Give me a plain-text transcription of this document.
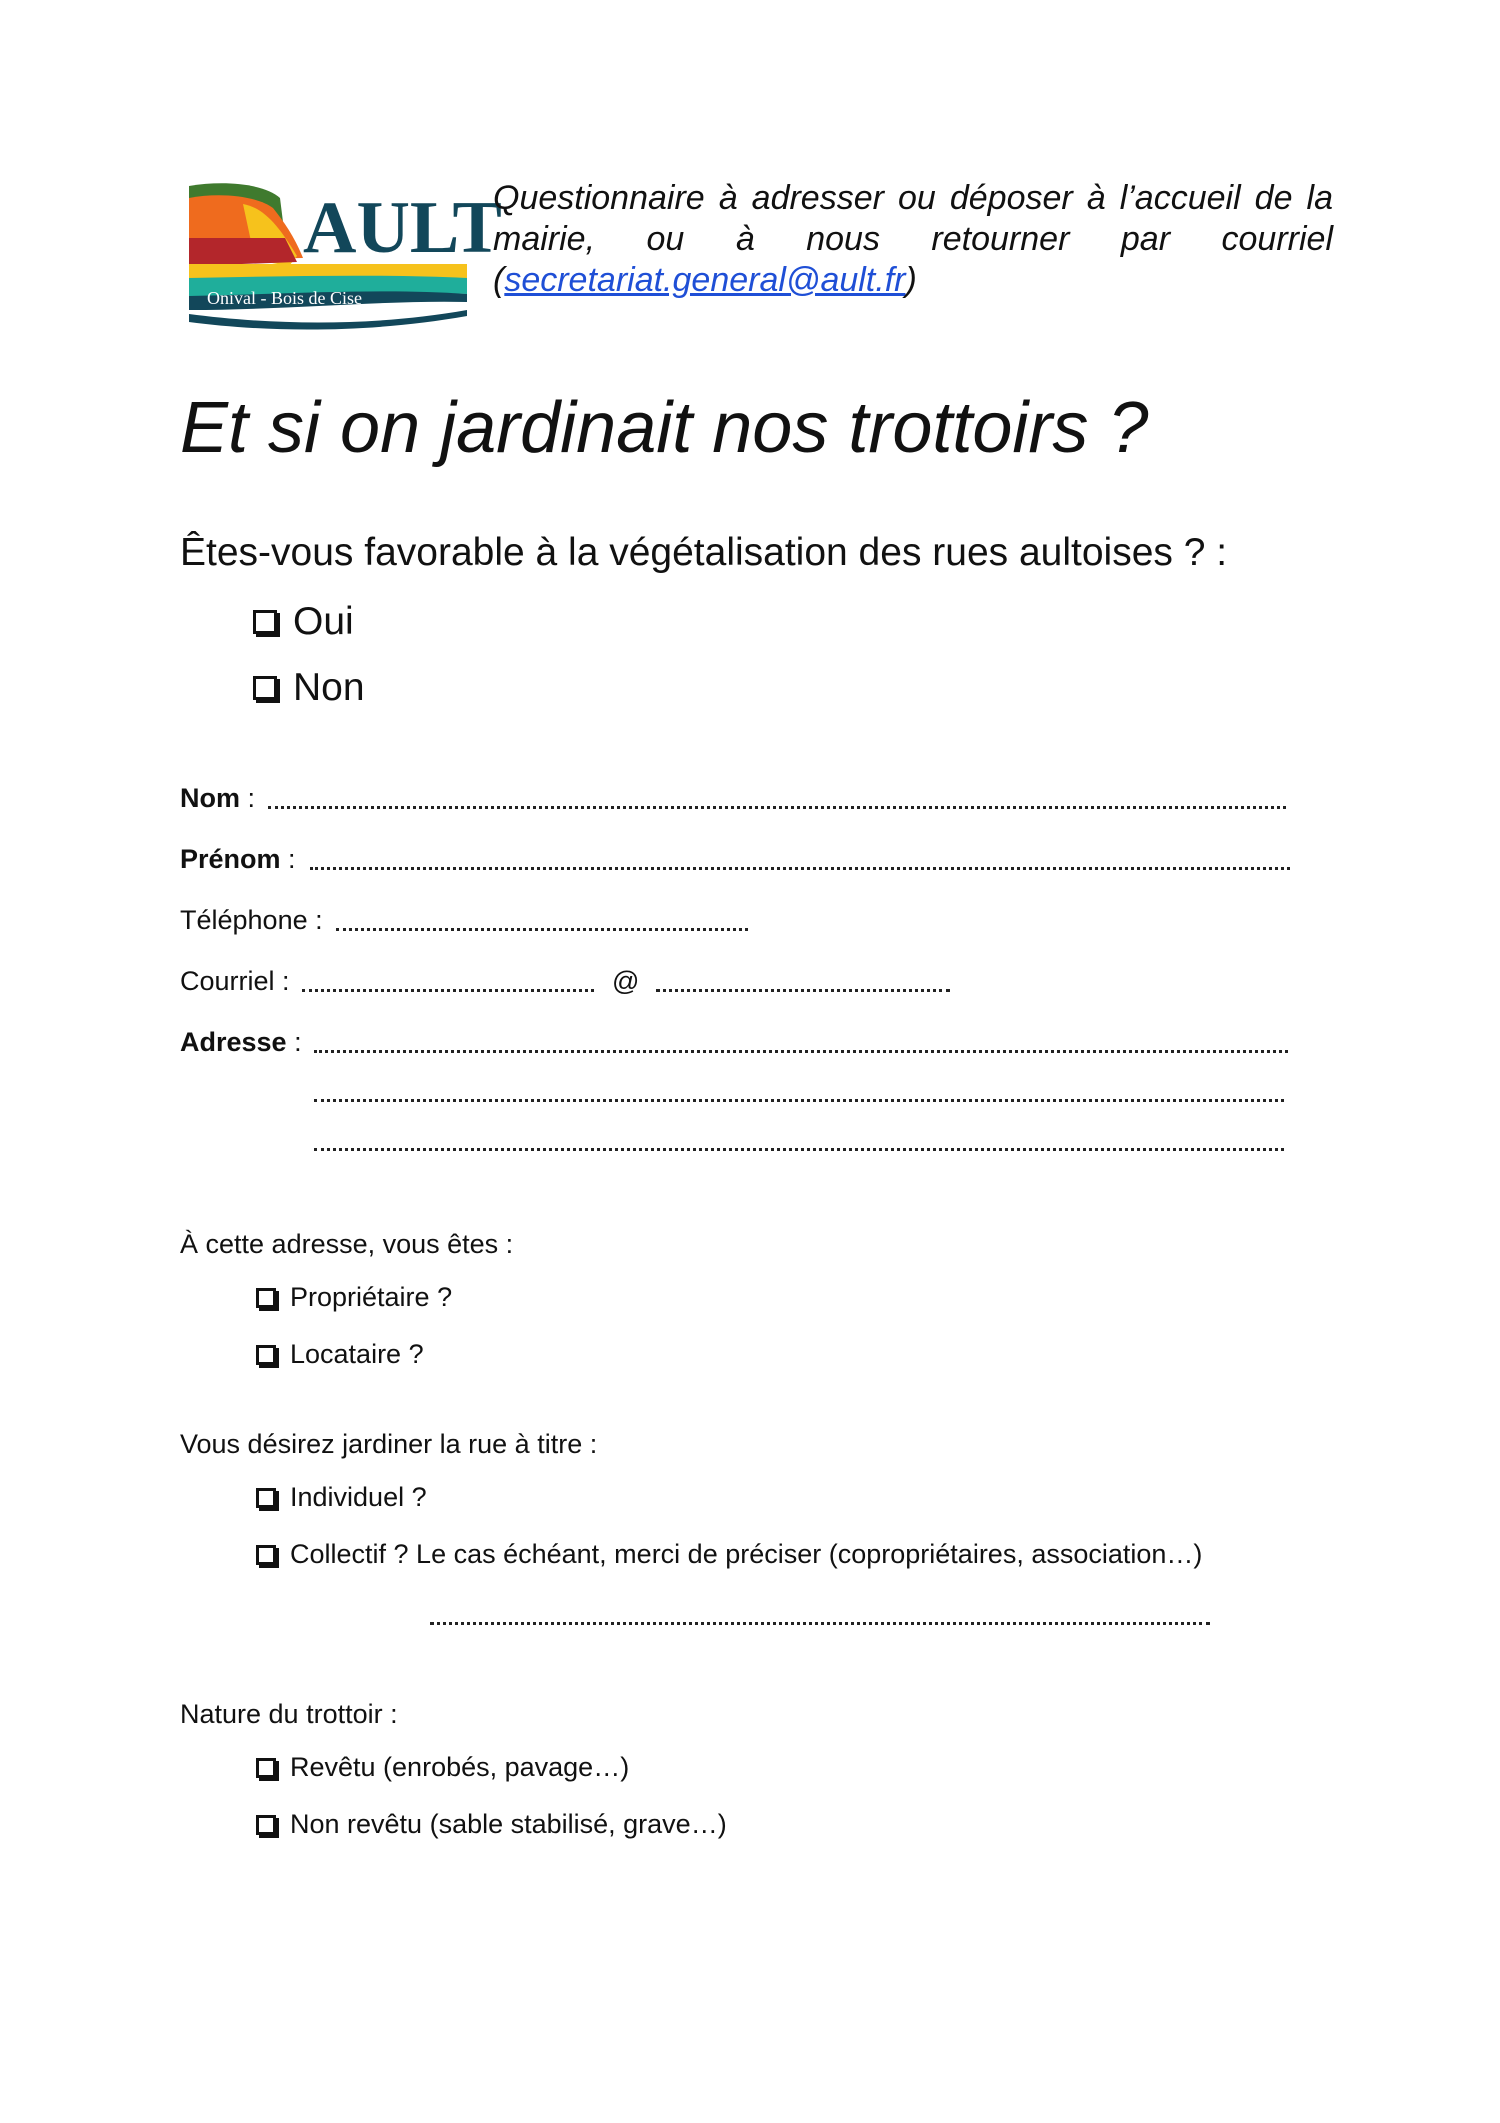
AULT
Onival - Bois de Cise
Questionnaire à adresser ou déposer à l’accueil de la mairie, ou à nous retourner par courriel (secretariat.general@ault.fr)
Et si on jardinait nos trottoirs ?
Êtes-vous favorable à la végétalisation des rues aultoises ? :
Oui
Non
Nom :
Prénom :
Téléphone :
Courriel :	@
Adresse :
À cette adresse, vous êtes :
Propriétaire ?
Locataire ?
Vous désirez jardiner la rue à titre :
Individuel ?
Collectif ? Le cas échéant, merci de préciser (copropriétaires, association…)
Nature du trottoir :
Revêtu (enrobés, pavage…)
Non revêtu (sable stabilisé, grave…)
